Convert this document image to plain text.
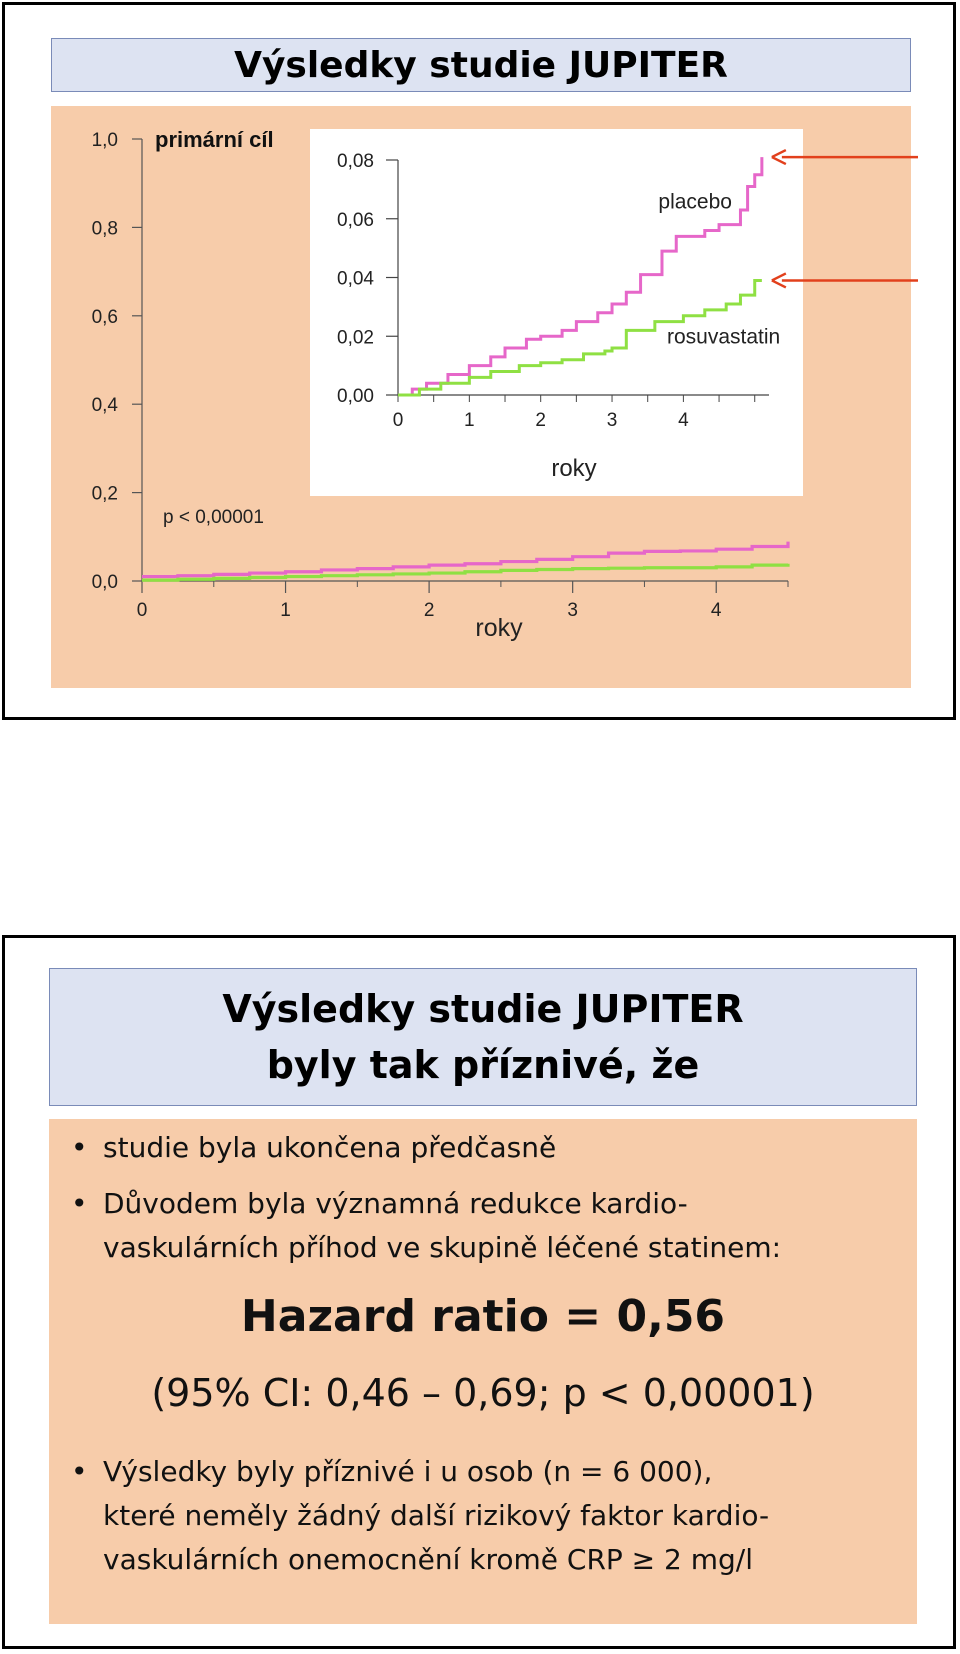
Výsledky studie JUPITER
0,0
0,2
0,4
0,6
0,8
1,0
0	1	2	3	4
primární cíl
roky
p < 0,00001
0,00
0,02
0,04
0,06
0,08
0	1	2	3	4
roky
placebo
rosuvastatin
Výsledky studie JUPITER
byly tak příznivé, že
• studie byla ukončena předčasně
• Důvodem byla významná redukce kardio-
vaskulárních příhod ve skupině léčené statinem:
Hazard ratio = 0,56
(95% CI: 0,46 – 0,69; p < 0,00001)
• Výsledky byly příznivé i u osob (n = 6 000),
které neměly žádný další rizikový faktor kardio-
vaskulárních onemocnění kromě CRP ≥ 2 mg/l
